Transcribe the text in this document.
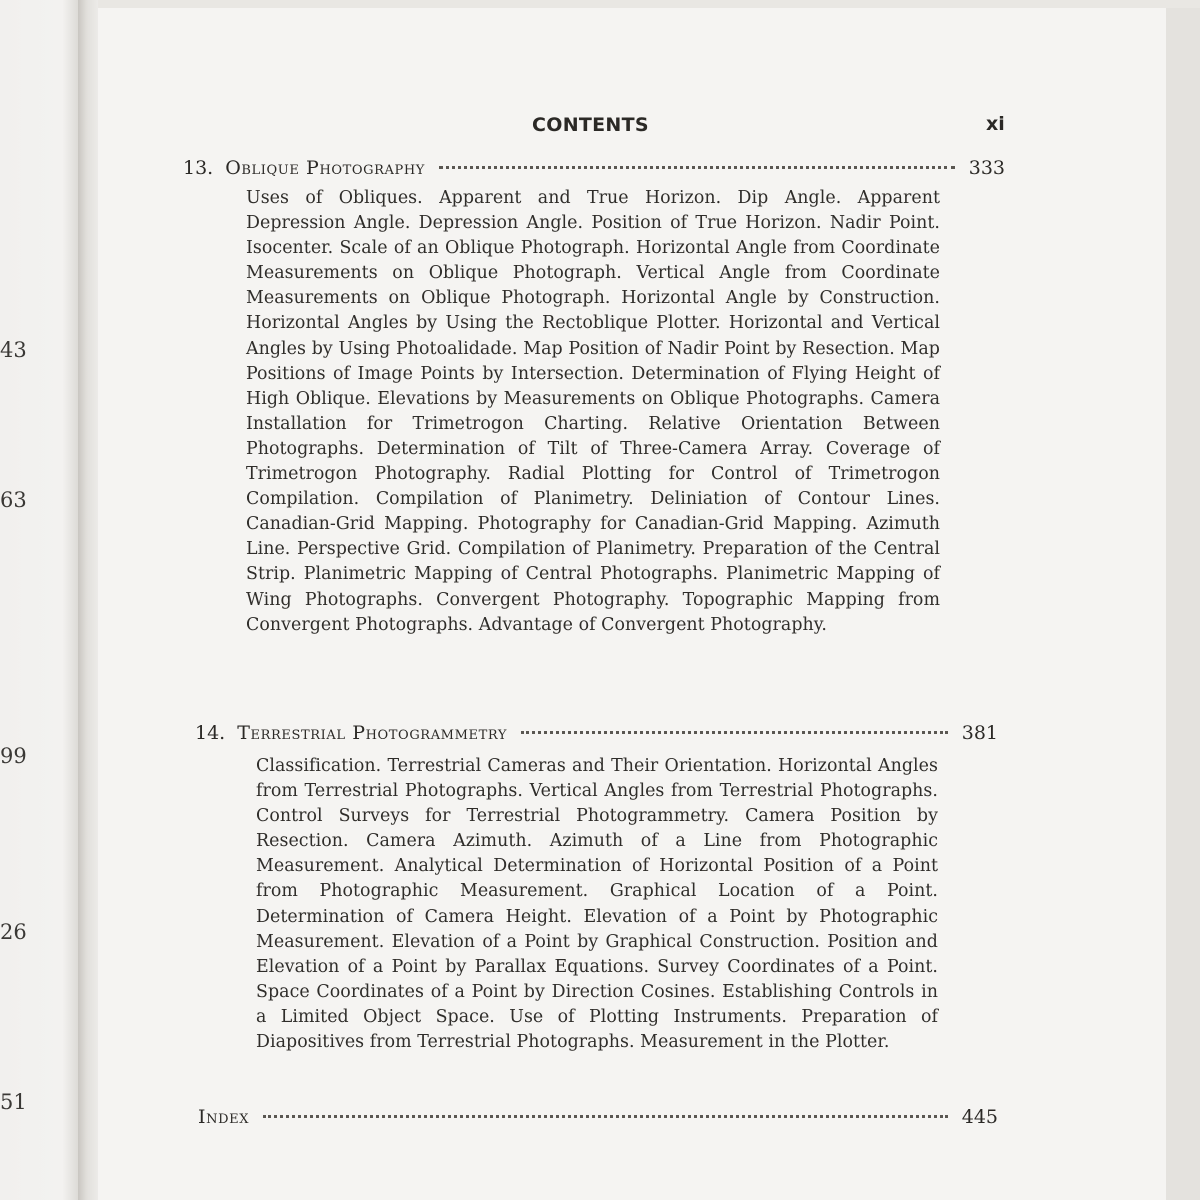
43
63
99
26
51
CONTENTS	xi
13. Oblique Photography	333
Uses of Obliques. Apparent and True Horizon. Dip Angle. Apparent Depression Angle. Depression Angle. Position of True Horizon. Nadir Point. Isocenter. Scale of an Oblique Photograph. Horizontal Angle from Coordinate Measurements on Oblique Photograph. Vertical Angle from Coordinate Measurements on Oblique Photograph. Horizontal Angle by Construction. Horizontal Angles by Using the Rectoblique Plotter. Horizontal and Vertical Angles by Using Photoalidade. Map Position of Nadir Point by Resection. Map Positions of Image Points by Intersection. Determination of Flying Height of High Oblique. Elevations by Measurements on Oblique Photographs. Camera Installation for Trimetrogon Charting. Relative Orientation Between Photographs. Determination of Tilt of Three-Camera Array. Coverage of Trimetrogon Photography. Radial Plotting for Control of Trimetrogon Compilation. Compilation of Planimetry. Deliniation of Contour Lines. Canadian-Grid Mapping. Photography for Canadian-Grid Mapping. Azimuth Line. Perspective Grid. Compilation of Planimetry. Preparation of the Central Strip. Planimetric Mapping of Central Photographs. Planimetric Mapping of Wing Photographs. Convergent Photography. Topographic Mapping from Convergent Photographs. Advantage of Convergent Photography.
14. Terrestrial Photogrammetry	381
Classification. Terrestrial Cameras and Their Orientation. Horizontal Angles from Terrestrial Photographs. Vertical Angles from Terrestrial Photographs. Control Surveys for Terrestrial Photogrammetry. Camera Position by Resection. Camera Azimuth. Azimuth of a Line from Photographic Measurement. Analytical Determination of Horizontal Position of a Point from Photographic Measurement. Graphical Location of a Point. Determination of Camera Height. Elevation of a Point by Photographic Measurement. Elevation of a Point by Graphical Construction. Position and Elevation of a Point by Parallax Equations. Survey Coordinates of a Point. Space Coordinates of a Point by Direction Cosines. Establishing Controls in a Limited Object Space. Use of Plotting Instruments. Preparation of Diapositives from Terrestrial Photographs. Measurement in the Plotter.
Index	445
